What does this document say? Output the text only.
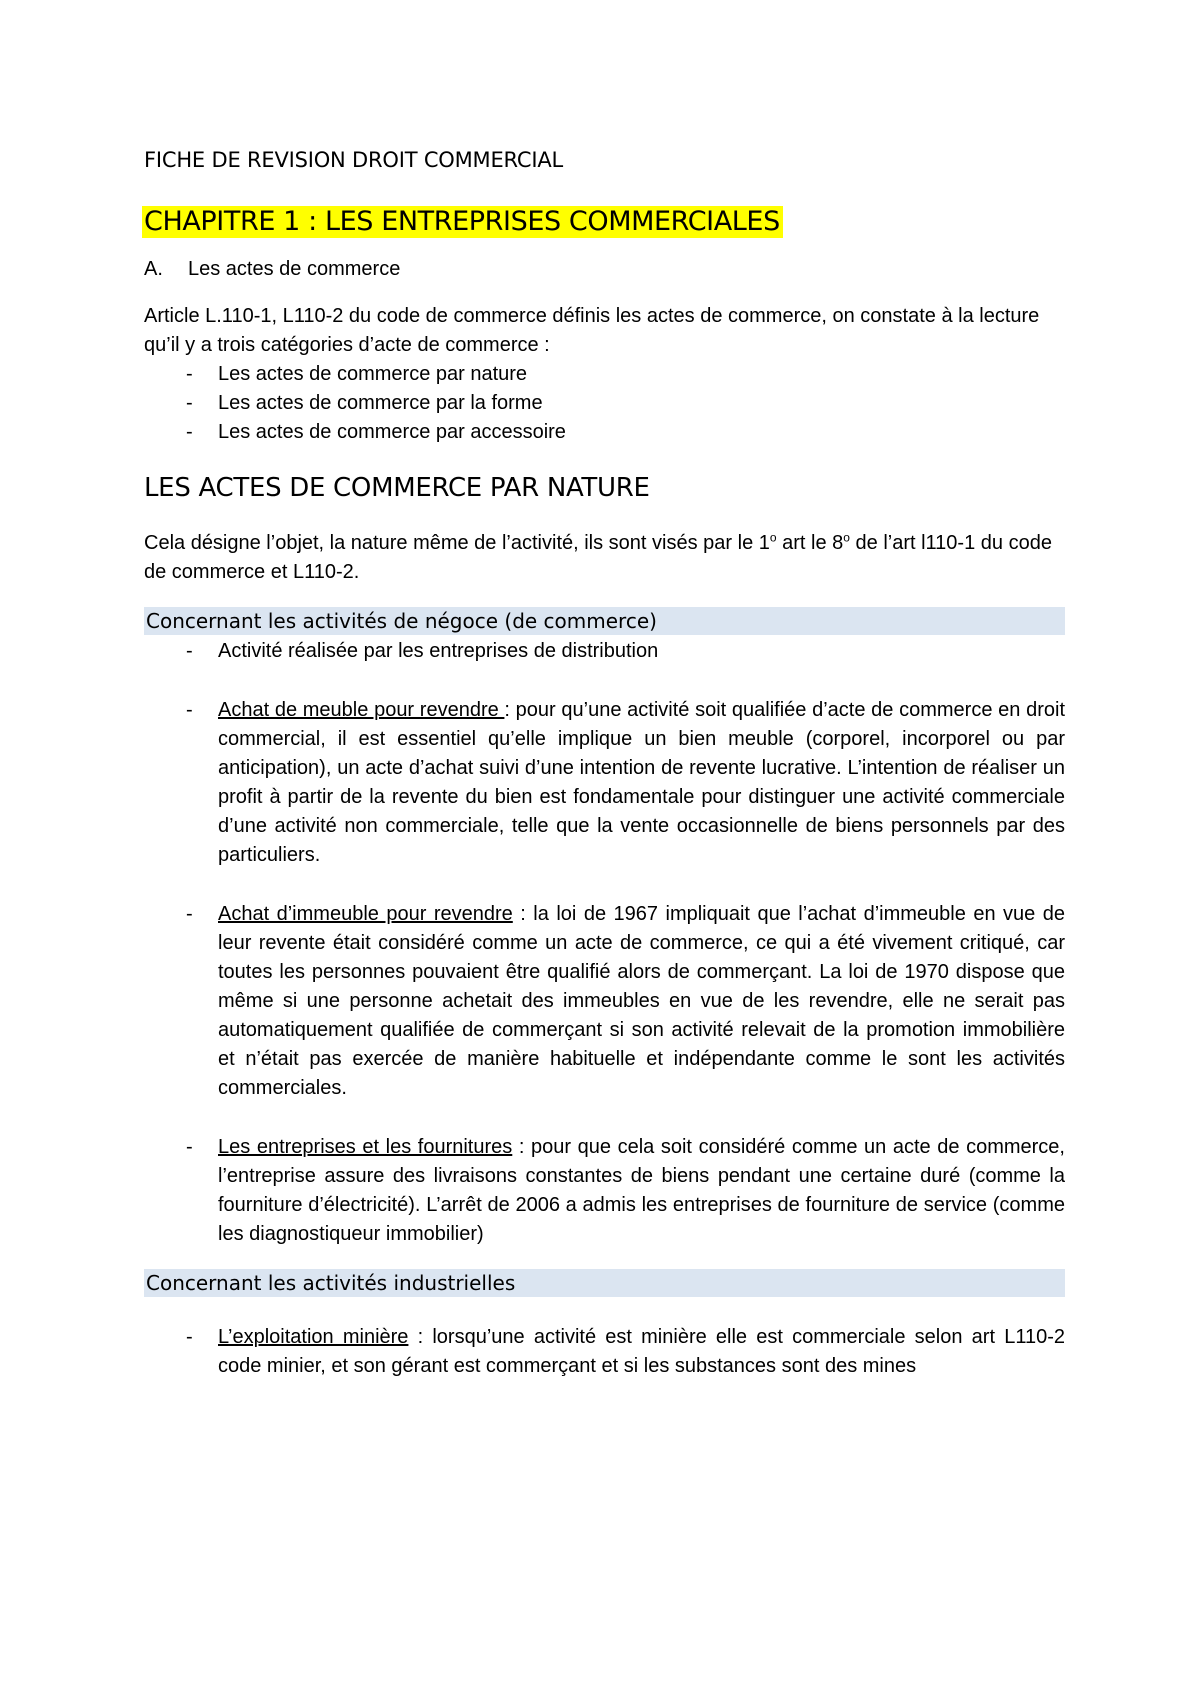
FICHE DE REVISION DROIT COMMERCIAL
CHAPITRE 1 : LES ENTREPRISES COMMERCIALES
A.	Les actes de commerce

Article L.110-1, L110-2 du code de commerce définis les actes de commerce, on constate à la lecture qu’il y a trois catégories d’acte de commerce :

- Les actes de commerce par nature
- Les actes de commerce par la forme
- Les actes de commerce par accessoire
LES ACTES DE COMMERCE PAR NATURE

Cela désigne l’objet, la nature même de l’activité, ils sont visés par le 1$^o$ art le 8$^o$ de l’art l110-1 du code de commerce et L110-2.

Concernant les activités de négoce (de commerce)
- Activité réalisée par les entreprises de distribution
- Achat de meuble pour revendre : pour qu’une activité soit qualifiée d’acte de commerce en droit commercial, il est essentiel qu’elle implique un bien meuble (corporel, incorporel ou par anticipation), un acte d’achat suivi d’une intention de revente lucrative. L’intention de réaliser un profit à partir de la revente du bien est fondamentale pour distinguer une activité commerciale d’une activité non commerciale, telle que la vente occasionnelle de biens personnels par des particuliers.
- Achat d’immeuble pour revendre : la loi de 1967 impliquait que l’achat d’immeuble en vue de leur revente était considéré comme un acte de commerce, ce qui a été vivement critiqué, car toutes les personnes pouvaient être qualifié alors de commerçant. La loi de 1970 dispose que même si une personne achetait des immeubles en vue de les revendre, elle ne serait pas automatiquement qualifiée de commerçant si son activité relevait de la promotion immobilière et n’était pas exercée de manière habituelle et indépendante comme le sont les activités commerciales.
- Les entreprises et les fournitures : pour que cela soit considéré comme un acte de commerce, l’entreprise assure des livraisons constantes de biens pendant une certaine duré (comme la fourniture d’électricité). L’arrêt de 2006 a admis les entreprises de fourniture de service (comme les diagnostiqueur immobilier)
Concernant les activités industrielles
- L’exploitation minière : lorsqu’une activité est minière elle est commerciale selon art L110-2 code minier, et son gérant est commerçant et si les substances sont des mines
